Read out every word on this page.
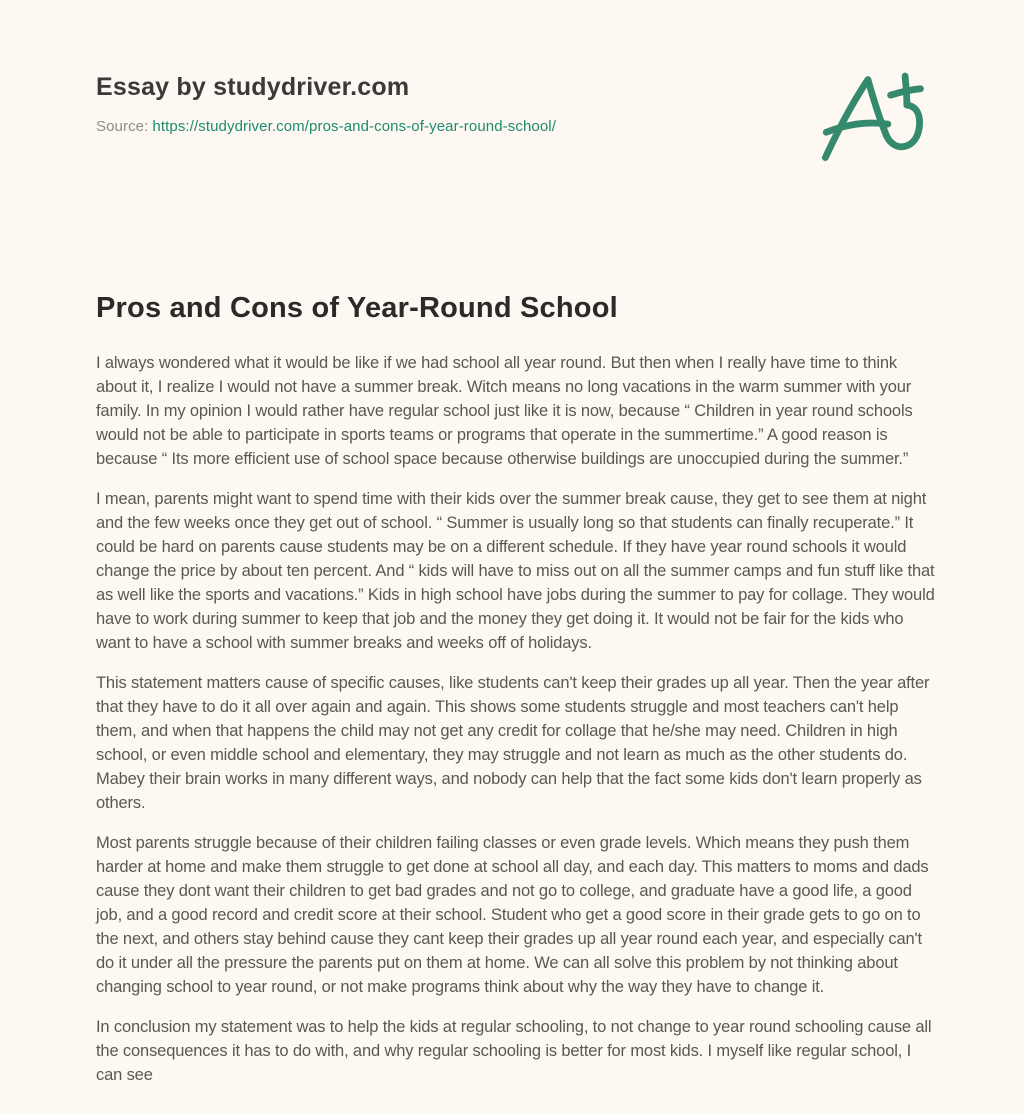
Essay by studydriver.com
Source: https://studydriver.com/pros-and-cons-of-year-round-school/
Pros and Cons of Year-Round School

I always wondered what it would be like if we had school all year round. But then when I really have time to think about it, I realize I would not have a summer break. Witch means no long vacations in the warm summer with your family. In my opinion I would rather have regular school just like it is now, because “ Children in year round schools would not be able to participate in sports teams or programs that operate in the summertime.” A good reason is because “ Its more efficient use of school space because otherwise buildings are unoccupied during the summer.”

I mean, parents might want to spend time with their kids over the summer break cause, they get to see them at night and the few weeks once they get out of school. “ Summer is usually long so that students can finally recuperate.” It could be hard on parents cause students may be on a different schedule. If they have year round schools it would change the price by about ten percent. And “ kids will have to miss out on all the summer camps and fun stuff like that as well like the sports and vacations.” Kids in high school have jobs during the summer to pay for collage. They would have to work during summer to keep that job and the money they get doing it. It would not be fair for the kids who want to have a school with summer breaks and weeks off of holidays.

This statement matters cause of specific causes, like students can't keep their grades up all year. Then the year after that they have to do it all over again and again. This shows some students struggle and most teachers can't help them, and when that happens the child may not get any credit for collage that he/she may need. Children in high school, or even middle school and elementary, they may struggle and not learn as much as the other students do. Mabey their brain works in many different ways, and nobody can help that the fact some kids don't learn properly as others.

Most parents struggle because of their children failing classes or even grade levels. Which means they push them harder at home and make them struggle to get done at school all day, and each day. This matters to moms and dads cause they dont want their children to get bad grades and not go to college, and graduate have a good life, a good job, and a good record and credit score at their school. Student who get a good score in their grade gets to go on to the next, and others stay behind cause they cant keep their grades up all year round each year, and especially can't do it under all the pressure the parents put on them at home. We can all solve this problem by not thinking about changing school to year round, or not make programs think about why the way they have to change it.

In conclusion my statement was to help the kids at regular schooling, to not change to year round schooling cause all the consequences it has to do with, and why regular schooling is better for most kids. I myself like regular school, I can see
